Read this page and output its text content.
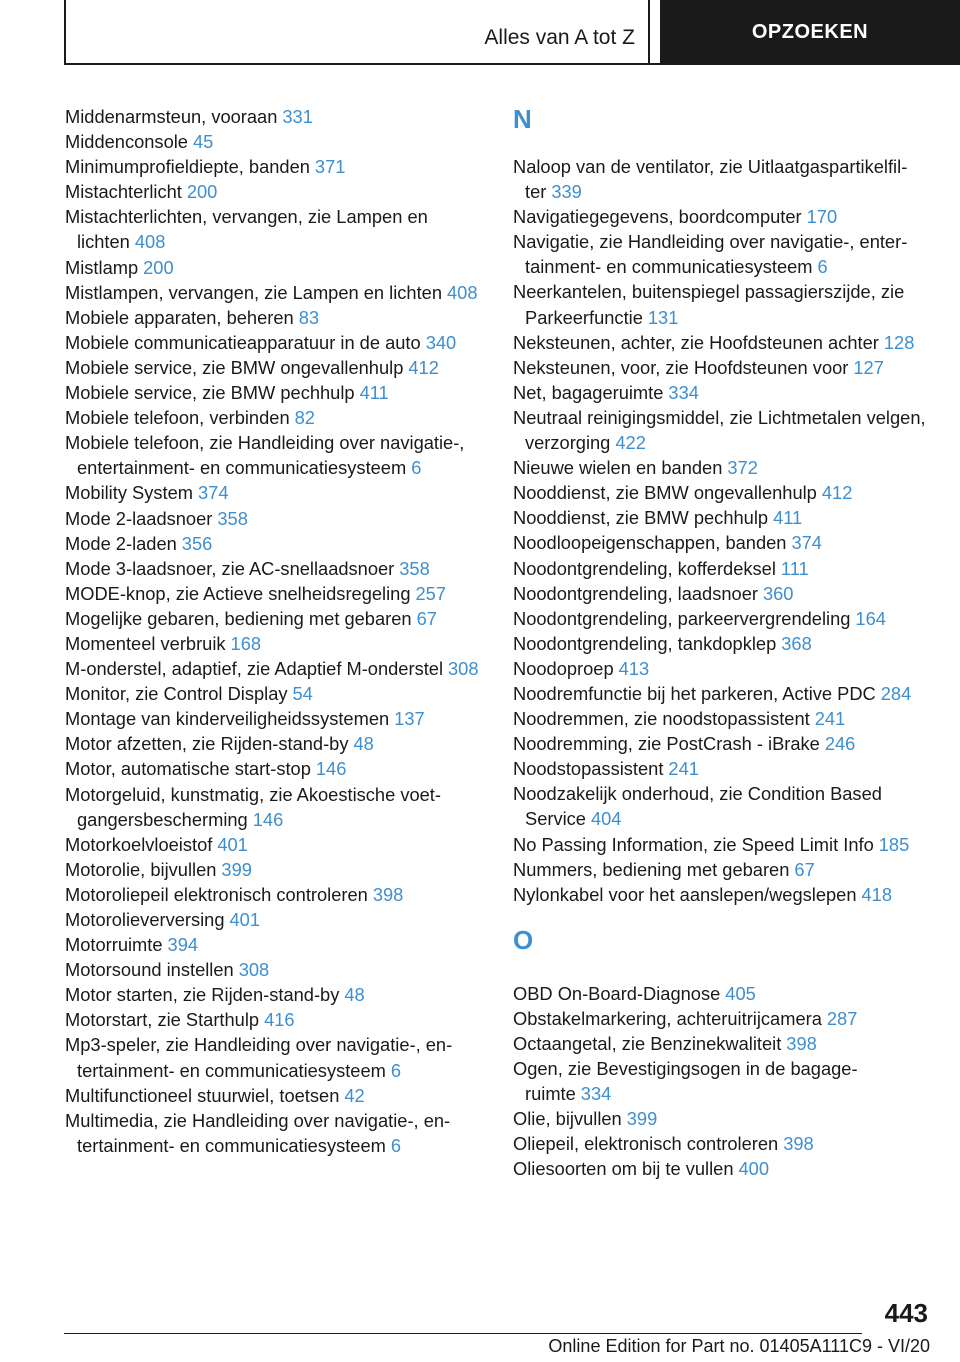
Alles van A tot Z	OPZOEKEN
Middenarmsteun, vooraan 331
Middenconsole 45
Minimumprofieldiepte, banden 371
Mistachterlicht 200
Mistachterlichten, vervangen, zie Lampen en lichten 408
Mistlamp 200
Mistlampen, vervangen, zie Lampen en lichten 408
Mobiele apparaten, beheren 83
Mobiele communicatieapparatuur in de auto 340
Mobiele service, zie BMW ongevallenhulp 412
Mobiele service, zie BMW pechhulp 411
Mobiele telefoon, verbinden 82
Mobiele telefoon, zie Handleiding over navigatie-, entertainment- en communicatiesysteem 6
Mobility System 374
Mode 2-laadsnoer 358
Mode 2-laden 356
Mode 3-laadsnoer, zie AC-snellaadsnoer 358
MODE-knop, zie Actieve snelheidsregeling 257
Mogelijke gebaren, bediening met gebaren 67
Momenteel verbruik 168
M-onderstel, adaptief, zie Adaptief M-onderstel 308
Monitor, zie Control Display 54
Montage van kinderveiligheidssystemen 137
Motor afzetten, zie Rijden-stand-by 48
Motor, automatische start-stop 146
Motorgeluid, kunstmatig, zie Akoestische voetgangersbescherming 146
Motorkoelvloeistof 401
Motorolie, bijvullen 399
Motoroliepeil elektronisch controleren 398
Motorolieverversing 401
Motorruimte 394
Motorsound instellen 308
Motor starten, zie Rijden-stand-by 48
Motorstart, zie Starthulp 416
Mp3-speler, zie Handleiding over navigatie-, entertainment- en communicatiesysteem 6
Multifunctioneel stuurwiel, toetsen 42
Multimedia, zie Handleiding over navigatie-, entertainment- en communicatiesysteem 6
N
Naloop van de ventilator, zie Uitlaatgaspartikelfilter 339
Navigatiegegevens, boordcomputer 170
Navigatie, zie Handleiding over navigatie-, entertainment- en communicatiesysteem 6
Neerkantelen, buitenspiegel passagierszijde, zie Parkeerfunctie 131
Neksteunen, achter, zie Hoofdsteunen achter 128
Neksteunen, voor, zie Hoofdsteunen voor 127
Net, bagageruimte 334
Neutraal reinigingsmiddel, zie Lichtmetalen velgen, verzorging 422
Nieuwe wielen en banden 372
Nooddienst, zie BMW ongevallenhulp 412
Nooddienst, zie BMW pechhulp 411
Noodloopeigenschappen, banden 374
Noodontgrendeling, kofferdeksel 111
Noodontgrendeling, laadsnoer 360
Noodontgrendeling, parkeervergrendeling 164
Noodontgrendeling, tankdopklep 368
Noodoproep 413
Noodremfunctie bij het parkeren, Active PDC 284
Noodremmen, zie noodstopassistent 241
Noodremming, zie PostCrash - iBrake 246
Noodstopassistent 241
Noodzakelijk onderhoud, zie Condition Based Service 404
No Passing Information, zie Speed Limit Info 185
Nummers, bediening met gebaren 67
Nylonkabel voor het aanslepen/wegslepen 418
O
OBD On-Board-Diagnose 405
Obstakelmarkering, achteruitrijcamera 287
Octaangetal, zie Benzinekwaliteit 398
Ogen, zie Bevestigingsogen in de bagageruimte 334
Olie, bijvullen 399
Oliepeil, elektronisch controleren 398
Oliesoorten om bij te vullen 400
443
Online Edition for Part no. 01405A111C9 - VI/20
